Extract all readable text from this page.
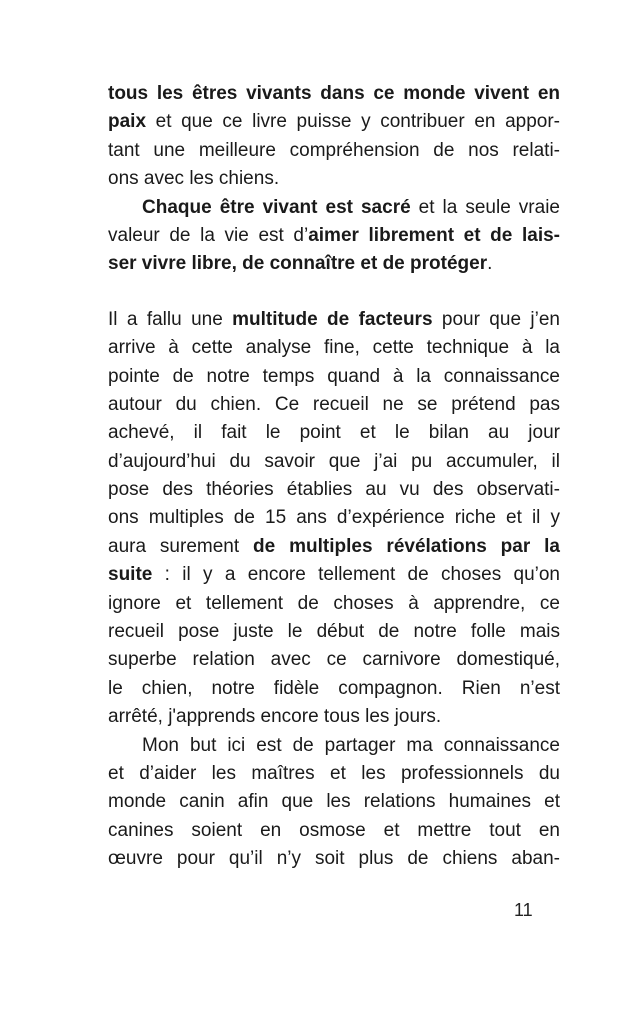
tous les êtres vivants dans ce monde vivent en
paix et que ce livre puisse y contribuer en appor-
tant une meilleure compréhension de nos relati-
ons avec les chiens.
Chaque être vivant est sacré et la seule vraie
valeur de la vie est d’aimer librement et de lais-
ser vivre libre, de connaître et de protéger.
Il a fallu une multitude de facteurs pour que j’en
arrive à cette analyse fine, cette technique à la
pointe de notre temps quand à la connaissance
autour du chien. Ce recueil ne se prétend pas
achevé, il fait le point et le bilan au jour
d’aujourd’hui du savoir que j’ai pu accumuler, il
pose des théories établies au vu des observati-
ons multiples de 15 ans d’expérience riche et il y
aura surement de multiples révélations par la
suite : il y a encore tellement de choses qu’on
ignore et tellement de choses à apprendre, ce
recueil pose juste le début de notre folle mais
superbe relation avec ce carnivore domestiqué,
le chien, notre fidèle compagnon. Rien n’est
arrêté, j'apprends encore tous les jours.
Mon but ici est de partager ma connaissance
et d’aider les maîtres et les professionnels du
monde canin afin que les relations humaines et
canines soient en osmose et mettre tout en
œuvre pour qu’il n’y soit plus de chiens aban-
11
